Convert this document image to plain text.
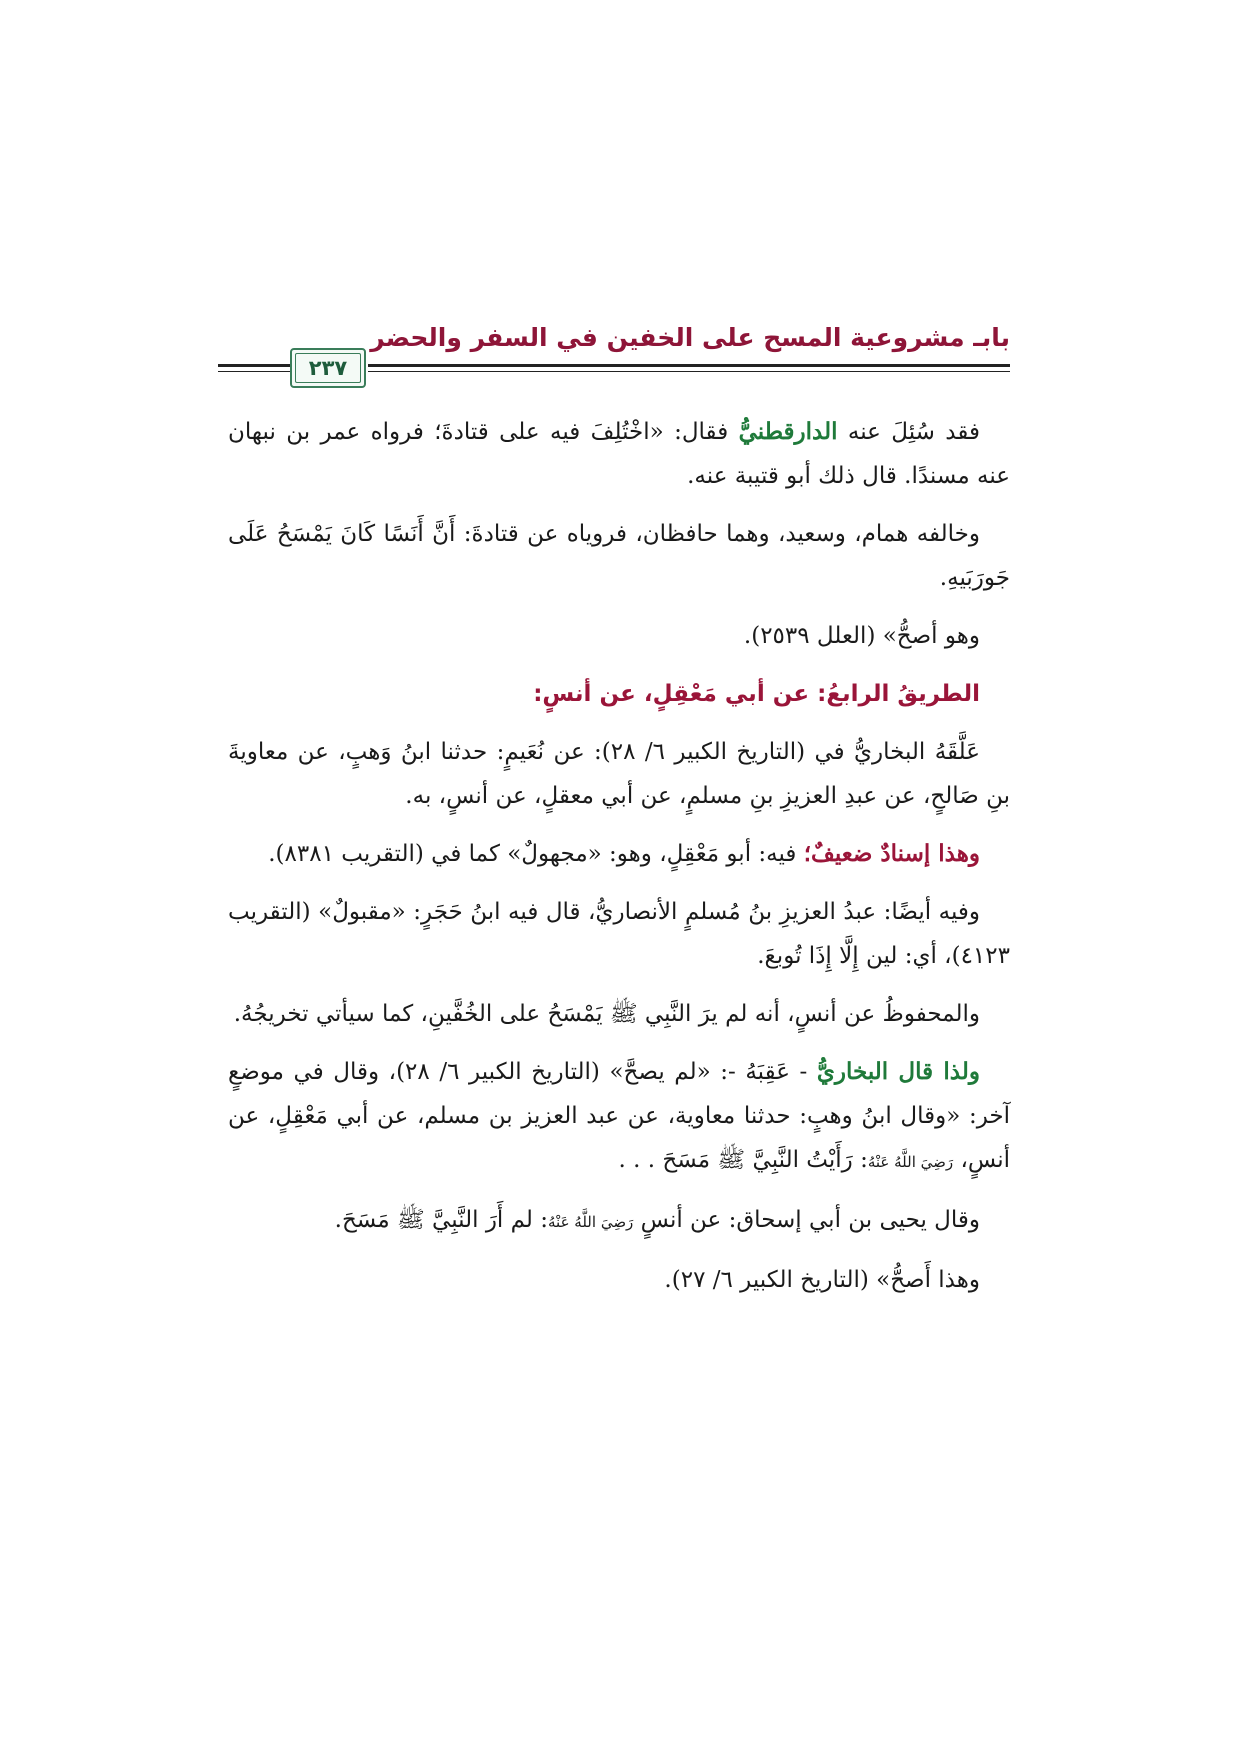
بابـ مشروعية المسح على الخفين في السفر والحضر
٢٣٧

فقد سُئِلَ عنه الدارقطنيُّ فقال: «اخْتُلِفَ فيه على قتادةَ؛ فرواه عمر بن نبهان عنه مسندًا. قال ذلك أبو قتيبة عنه.

وخالفه همام، وسعيد، وهما حافظان، فروياه عن قتادةَ: أَنَّ أَنَسًا كَانَ يَمْسَحُ عَلَى جَورَبَيهِ.

وهو أصحُّ» (العلل ٢٥٣٩).

الطريقُ الرابعُ: عن أبي مَعْقِلٍ، عن أنسٍ:

عَلَّقَهُ البخاريُّ في (التاريخ الكبير ٦/ ٢٨): عن نُعَيمٍ: حدثنا ابنُ وَهبٍ، عن معاويةَ بنِ صَالحٍ، عن عبدِ العزيزِ بنِ مسلمٍ، عن أبي معقلٍ، عن أنسٍ، به.

وهذا إسنادٌ ضعيفٌ؛ فيه: أبو مَعْقِلٍ، وهو: «مجهولٌ» كما في (التقريب ٨٣٨١).

وفيه أيضًا: عبدُ العزيزِ بنُ مُسلمٍ الأنصاريُّ، قال فيه ابنُ حَجَرٍ: «مقبولٌ» (التقريب ٤١٢٣)، أي: لين إِلَّا إِذَا تُوبعَ.

والمحفوظُ عن أنسٍ، أنه لم يرَ النَّبِي ﷺ يَمْسَحُ على الخُفَّينِ، كما سيأتي تخريجُهُ.

ولذا قال البخاريُّ - عَقِبَهُ -: «لم يصحَّ» (التاريخ الكبير ٦/ ٢٨)، وقال في موضعٍ آخر: «وقال ابنُ وهبٍ: حدثنا معاوية، عن عبد العزيز بن مسلم، عن أبي مَعْقِلٍ، عن أنسٍ، رَضِيَ اللَّهُ عَنْهُ: رَأَيْتُ النَّبِيَّ ﷺ مَسَحَ . . .

وقال يحيى بن أبي إسحاق: عن أنسٍ رَضِيَ اللَّهُ عَنْهُ: لم أَرَ النَّبِيَّ ﷺ مَسَحَ.

وهذا أَصحُّ» (التاريخ الكبير ٦/ ٢٧).
